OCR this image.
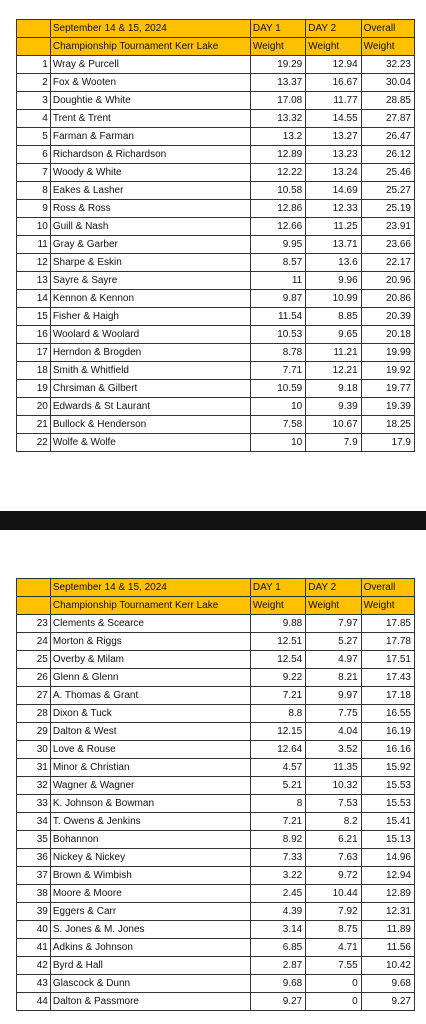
	September 14 & 15, 2024	DAY 1	DAY 2	Overall
	Championship Tournament Kerr Lake	Weight	Weight	Weight
1	Wray & Purcell	19.29	12.94	32.23
2	Fox & Wooten	13.37	16.67	30.04
3	Doughtie & White	17.08	11.77	28.85
4	Trent & Trent	13.32	14.55	27.87
5	Farman & Farman	13.2	13.27	26.47
6	Richardson & Richardson	12.89	13.23	26.12
7	Woody & White	12.22	13.24	25.46
8	Eakes & Lasher	10.58	14.69	25.27
9	Ross & Ross	12.86	12.33	25.19
10	Guill & Nash	12.66	11.25	23.91
11	Gray & Garber	9.95	13.71	23.66
12	Sharpe & Eskin	8.57	13.6	22.17
13	Sayre & Sayre	11	9.96	20.96
14	Kennon & Kennon	9.87	10.99	20.86
15	Fisher & Haigh	11.54	8.85	20.39
16	Woolard & Woolard	10.53	9.65	20.18
17	Herndon & Brogden	8.78	11.21	19.99
18	Smith & Whitfield	7.71	12.21	19.92
19	Chrsiman & Gilbert	10.59	9.18	19.77
20	Edwards & St Laurant	10	9.39	19.39
21	Bullock & Henderson	7.58	10.67	18.25
22	Wolfe & Wolfe	10	7.9	17.9
	September 14 & 15, 2024	DAY 1	DAY 2	Overall
	Championship Tournament Kerr Lake	Weight	Weight	Weight
23	Clements & Scearce	9.88	7.97	17.85
24	Morton & Riggs	12.51	5.27	17.78
25	Overby & Milam	12.54	4.97	17.51
26	Glenn & Glenn	9.22	8.21	17.43
27	A. Thomas & Grant	7.21	9.97	17.18
28	Dixon & Tuck	8.8	7.75	16.55
29	Dalton & West	12.15	4.04	16.19
30	Love & Rouse	12.64	3.52	16.16
31	Minor & Christian	4.57	11.35	15.92
32	Wagner & Wagner	5.21	10.32	15.53
33	K. Johnson & Bowman	8	7.53	15.53
34	T. Owens & Jenkins	7.21	8.2	15.41
35	Bohannon	8.92	6.21	15.13
36	Nickey & Nickey	7.33	7.63	14.96
37	Brown & Wimbish	3.22	9.72	12.94
38	Moore & Moore	2.45	10.44	12.89
39	Eggers & Carr	4.39	7.92	12.31
40	S. Jones & M. Jones	3.14	8.75	11.89
41	Adkins & Johnson	6.85	4.71	11.56
42	Byrd & Hall	2.87	7.55	10.42
43	Glascock & Dunn	9.68	0	9.68
44	Dalton & Passmore	9.27	0	9.27
